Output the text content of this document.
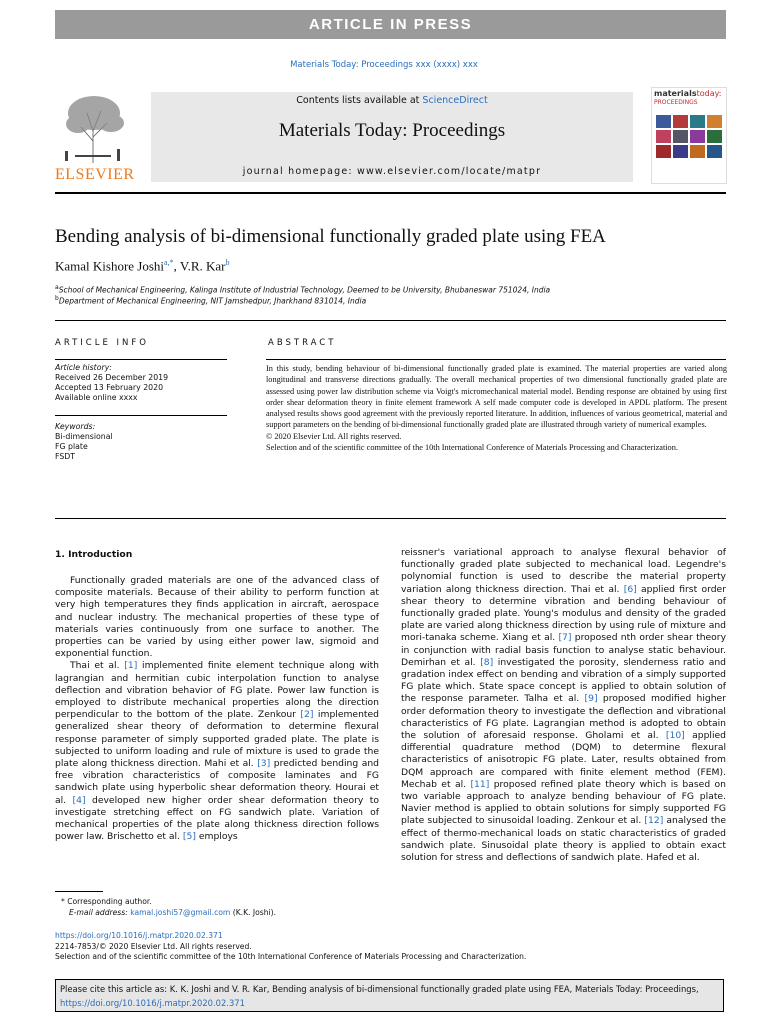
ARTICLE IN PRESS
Materials Today: Proceedings xxx (xxxx) xxx
ELSEVIER
Contents lists available at ScienceDirect
Materials Today: Proceedings
journal homepage: www.elsevier.com/locate/matpr
materialstoday:
PROCEEDINGS
Bending analysis of bi-dimensional functionally graded plate using FEA
Kamal Kishore Joshi$^{a,*}$, V.R. Kar$^b$
$^a$School of Mechanical Engineering, Kalinga Institute of Industrial Technology, Deemed to be University, Bhubaneswar 751024, India
$^b$Department of Mechanical Engineering, NIT Jamshedpur, Jharkhand 831014, India
ARTICLE INFO	ABSTRACT
Article history:
Received 26 December 2019
Accepted 13 February 2020
Available online xxxx
Keywords:
Bi-dimensional
FG plate
FSDT
In this study, bending behaviour of bi-dimensional functionally graded plate is examined. The material properties are varied along longitudinal and transverse directions gradually. The overall mechanical properties of two dimensional functionally graded plate are assessed using power law distribution scheme via Voigt's micromechanical material model. Bending response are obtained by using first order shear deformation theory in finite element framework A self made computer code is developed in APDL platform. The present analysed results shows good agreement with the previously reported literature. In addition, influences of various geometrical, material and support parameters on the bending of bi-dimensional functionally graded plate are illustrated through variety of numerical examples.
© 2020 Elsevier Ltd. All rights reserved.
Selection and of the scientific committee of the 10th International Conference of Materials Processing and Characterization.
1. Introduction

Functionally graded materials are one of the advanced class of composite materials. Because of their ability to perform function at very high temperatures they finds application in aircraft, aerospace and nuclear industry. The mechanical properties of these type of materials varies continuously from one surface to another. The properties can be varied by using either power law, sigmoid and exponential function.

Thai et al. [1] implemented finite element technique along with lagrangian and hermitian cubic interpolation function to analyse deflection and vibration behavior of FG plate. Power law function is employed to distribute mechanical properties along the direction perpendicular to the bottom of the plate. Zenkour [2] implemented generalized shear theory of deformation to determine flexural response parameter of simply supported graded plate. The plate is subjected to uniform loading and rule of mixture is used to grade the plate along thickness direction. Mahi et al. [3] predicted bending and free vibration characteristics of composite laminates and FG sandwich plate using hyperbolic shear deformation theory. Hourai et al. [4] developed new higher order shear deformation theory to investigate stretching effect on FG sandwich plate. Variation of mechanical properties of the plate along thickness direction follows power law. Brischetto et al. [5] employs

reissner's variational approach to analyse flexural behavior of functionally graded plate subjected to mechanical load. Legendre's polynomial function is used to describe the material property variation along thickness direction. Thai et al. [6] applied first order shear theory to determine vibration and bending behaviour of functionally graded plate. Young's modulus and density of the graded plate are varied along thickness direction by using rule of mixture and mori-tanaka scheme. Xiang et al. [7] proposed nth order shear theory in conjunction with radial basis function to analyse static behaviour. Demirhan et al. [8] investigated the porosity, slenderness ratio and gradation index effect on bending and vibration of a simply supported FG plate which. State space concept is applied to obtain solution of the response parameter. Talha et al. [9] proposed modified higher order deformation theory to investigate the deflection and vibrational characteristics of FG plate. Lagrangian method is adopted to obtain the solution of aforesaid response. Gholami et al. [10] applied differential quadrature method (DQM) to determine flexural characteristics of anisotropic FG plate. Later, results obtained from DQM approach are compared with finite element method (FEM). Mechab et al. [11] proposed refined plate theory which is based on two variable approach to analyze bending behaviour of FG plate. Navier method is applied to obtain solutions for simply supported FG plate subjected to sinusoidal loading. Zenkour et al. [12] analysed the effect of thermo-mechanical loads on static characteristics of graded sandwich plate. Sinusoidal plate theory is applied to obtain exact solution for stress and deflections of sandwich plate. Hafed et al.

* Corresponding author.
E-mail address: kamal.joshi57@gmail.com (K.K. Joshi).
https://doi.org/10.1016/j.matpr.2020.02.371
2214-7853/© 2020 Elsevier Ltd. All rights reserved.
Selection and of the scientific committee of the 10th International Conference of Materials Processing and Characterization.
Please cite this article as: K. K. Joshi and V. R. Kar, Bending analysis of bi-dimensional functionally graded plate using FEA, Materials Today: Proceedings,
https://doi.org/10.1016/j.matpr.2020.02.371
